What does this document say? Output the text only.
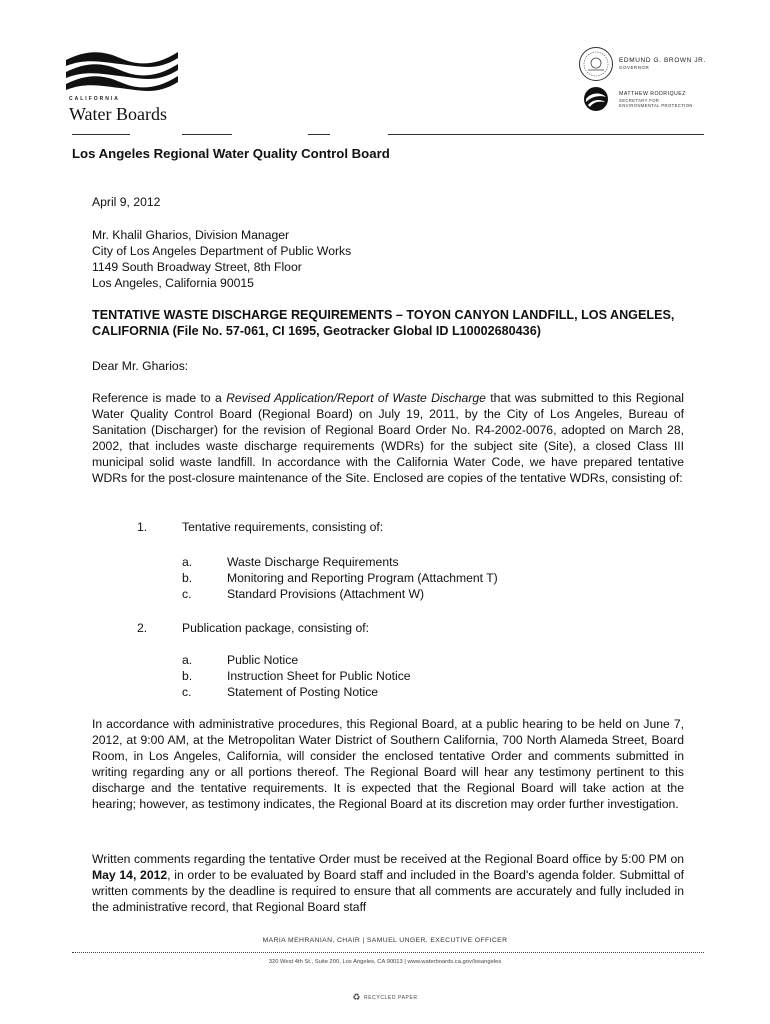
CALIFORNIA
Water Boards
EDMUND G. BROWN JR.
GOVERNOR
MATTHEW RODRIQUEZ
SECRETARY FOR
ENVIRONMENTAL PROTECTION
Los Angeles Regional Water Quality Control Board
April 9, 2012
Mr. Khalil Gharios, Division Manager
City of Los Angeles Department of Public Works
1149 South Broadway Street, 8th Floor
Los Angeles, California 90015
TENTATIVE WASTE DISCHARGE REQUIREMENTS – TOYON CANYON LANDFILL, LOS ANGELES, CALIFORNIA (File No. 57-061, CI 1695, Geotracker Global ID L10002680436)
Dear Mr. Gharios:
Reference is made to a Revised Application/Report of Waste Discharge that was submitted to this Regional Water Quality Control Board (Regional Board) on July 19, 2011, by the City of Los Angeles, Bureau of Sanitation (Discharger) for the revision of Regional Board Order No. R4-2002-0076, adopted on March 28, 2002, that includes waste discharge requirements (WDRs) for the subject site (Site), a closed Class III municipal solid waste landfill. In accordance with the California Water Code, we have prepared tentative WDRs for the post-closure maintenance of the Site. Enclosed are copies of the tentative WDRs, consisting of:
1.	Tentative requirements, consisting of:
a.	Waste Discharge Requirements
b.	Monitoring and Reporting Program (Attachment T)
c.	Standard Provisions (Attachment W)
2.	Publication package, consisting of:
a.	Public Notice
b.	Instruction Sheet for Public Notice
c.	Statement of Posting Notice
In accordance with administrative procedures, this Regional Board, at a public hearing to be held on June 7, 2012, at 9:00 AM, at the Metropolitan Water District of Southern California, 700 North Alameda Street, Board Room, in Los Angeles, California, will consider the enclosed tentative Order and comments submitted in writing regarding any or all portions thereof. The Regional Board will hear any testimony pertinent to this discharge and the tentative requirements. It is expected that the Regional Board will take action at the hearing; however, as testimony indicates, the Regional Board at its discretion may order further investigation.
Written comments regarding the tentative Order must be received at the Regional Board office by 5:00 PM on May 14, 2012, in order to be evaluated by Board staff and included in the Board's agenda folder. Submittal of written comments by the deadline is required to ensure that all comments are accurately and fully included in the administrative record, that Regional Board staff
MARIA MEHRANIAN, CHAIR | SAMUEL UNGER, EXECUTIVE OFFICER
320 West 4th St., Suite 200, Los Angeles, CA 90013 | www.waterboards.ca.gov/losangeles
♻ RECYCLED PAPER
